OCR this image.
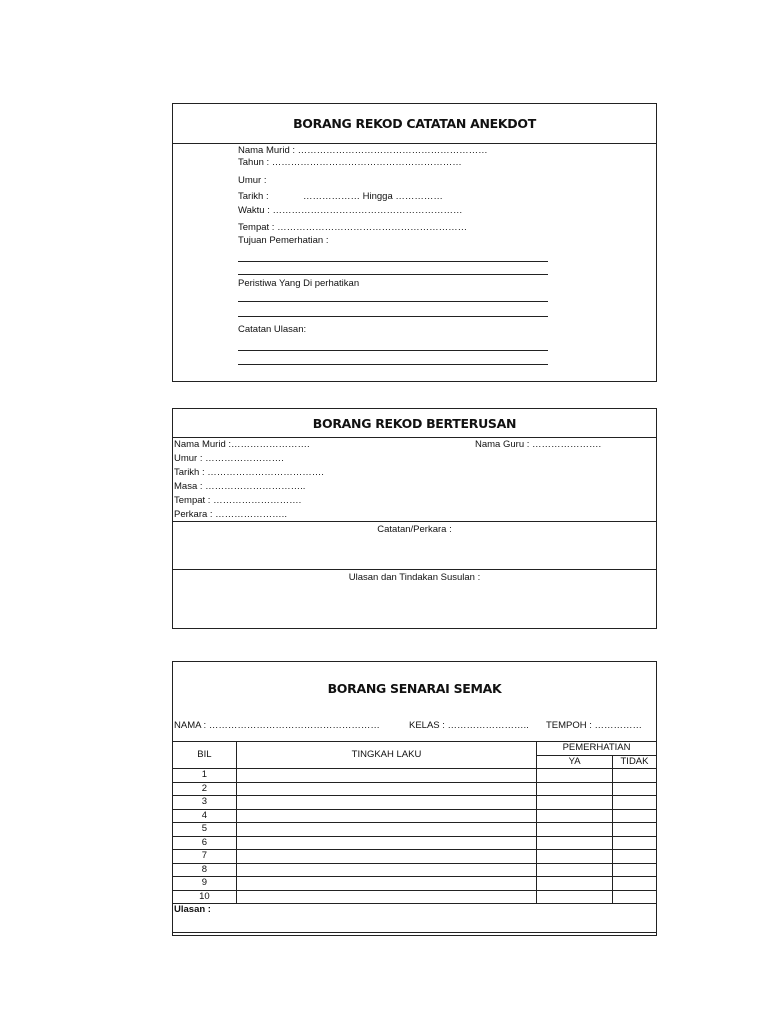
BORANG REKOD CATATAN ANEKDOT
Nama Murid : ……………………………………………………
Tahun : ……………………………………………………
Umur :
Tarikh :	……………… Hingga ……………
Waktu : ……………………………………………………
Tempat : ……………………………………………………
Tujuan Pemerhatian :
Peristiwa Yang Di perhatikan
Catatan Ulasan:
BORANG REKOD BERTERUSAN
Nama Murid :…………………….	Nama Guru : ………………….
Umur : …………………….
Tarikh : ……………………………….
Masa : …………………………..
Tempat : ……………………….
Perkara : …………………..
Catatan/Perkara :
Ulasan dan Tindakan Susulan :
BORANG SENARAI SEMAK
NAMA : ………………………………………………	KELAS : …………………….. TEMPOH : ……………
BIL	TINGKAH LAKU	PEMERHATIAN	
		YA	TIDAK
1			
2			
3			
4			
5			
6			
7			
8			
9			
10			
Ulasan :			
